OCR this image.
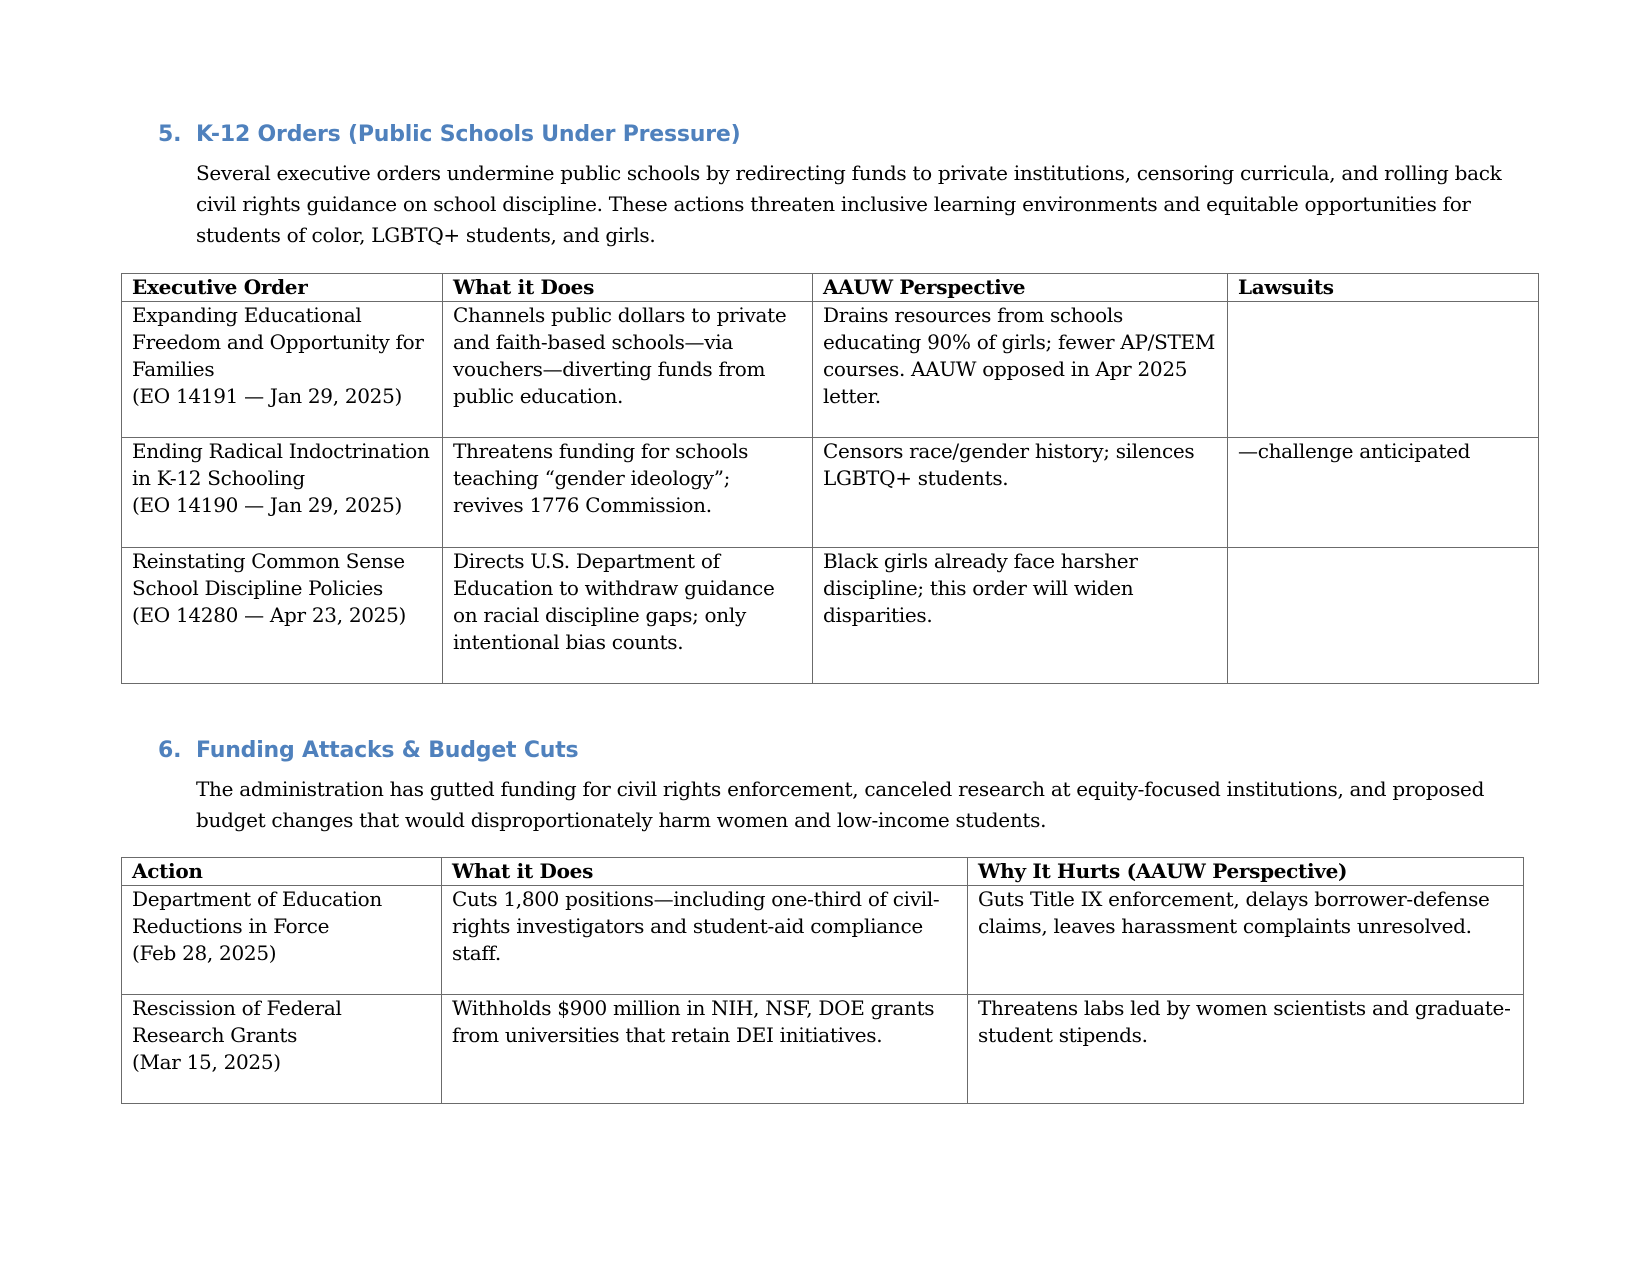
5. K-12 Orders (Public Schools Under Pressure)
Several executive orders undermine public schools by redirecting funds to private institutions, censoring curricula, and rolling back civil rights guidance on school discipline. These actions threaten inclusive learning environments and equitable opportunities for students of color, LGBTQ+ students, and girls.
Executive Order	What it Does	AAUW Perspective	Lawsuits
Expanding Educational Freedom and Opportunity for Families
(EO 14191 — Jan 29, 2025)	Channels public dollars to private and faith-based schools—via vouchers—diverting funds from public education.	Drains resources from schools educating 90% of girls; fewer AP/STEM courses. AAUW opposed in Apr 2025 letter.	
Ending Radical Indoctrination in K-12 Schooling
(EO 14190 — Jan 29, 2025)	Threatens funding for schools teaching “gender ideology”; revives 1776 Commission.	Censors race/gender history; silences LGBTQ+ students.	—challenge anticipated
Reinstating Common Sense School Discipline Policies
(EO 14280 — Apr 23, 2025)	Directs U.S. Department of Education to withdraw guidance on racial discipline gaps; only intentional bias counts.	Black girls already face harsher discipline; this order will widen disparities.	
6. Funding Attacks & Budget Cuts
The administration has gutted funding for civil rights enforcement, canceled research at equity-focused institutions, and proposed budget changes that would disproportionately harm women and low-income students.
Action	What it Does	Why It Hurts (AAUW Perspective)
Department of Education Reductions in Force
(Feb 28, 2025)	Cuts 1,800 positions—including one-third of civil-rights investigators and student-aid compliance staff.	Guts Title IX enforcement, delays borrower-defense claims, leaves harassment complaints unresolved.
Rescission of Federal Research Grants
(Mar 15, 2025)	Withholds $900 million in NIH, NSF, DOE grants from universities that retain DEI initiatives.	Threatens labs led by women scientists and graduate-student stipends.
